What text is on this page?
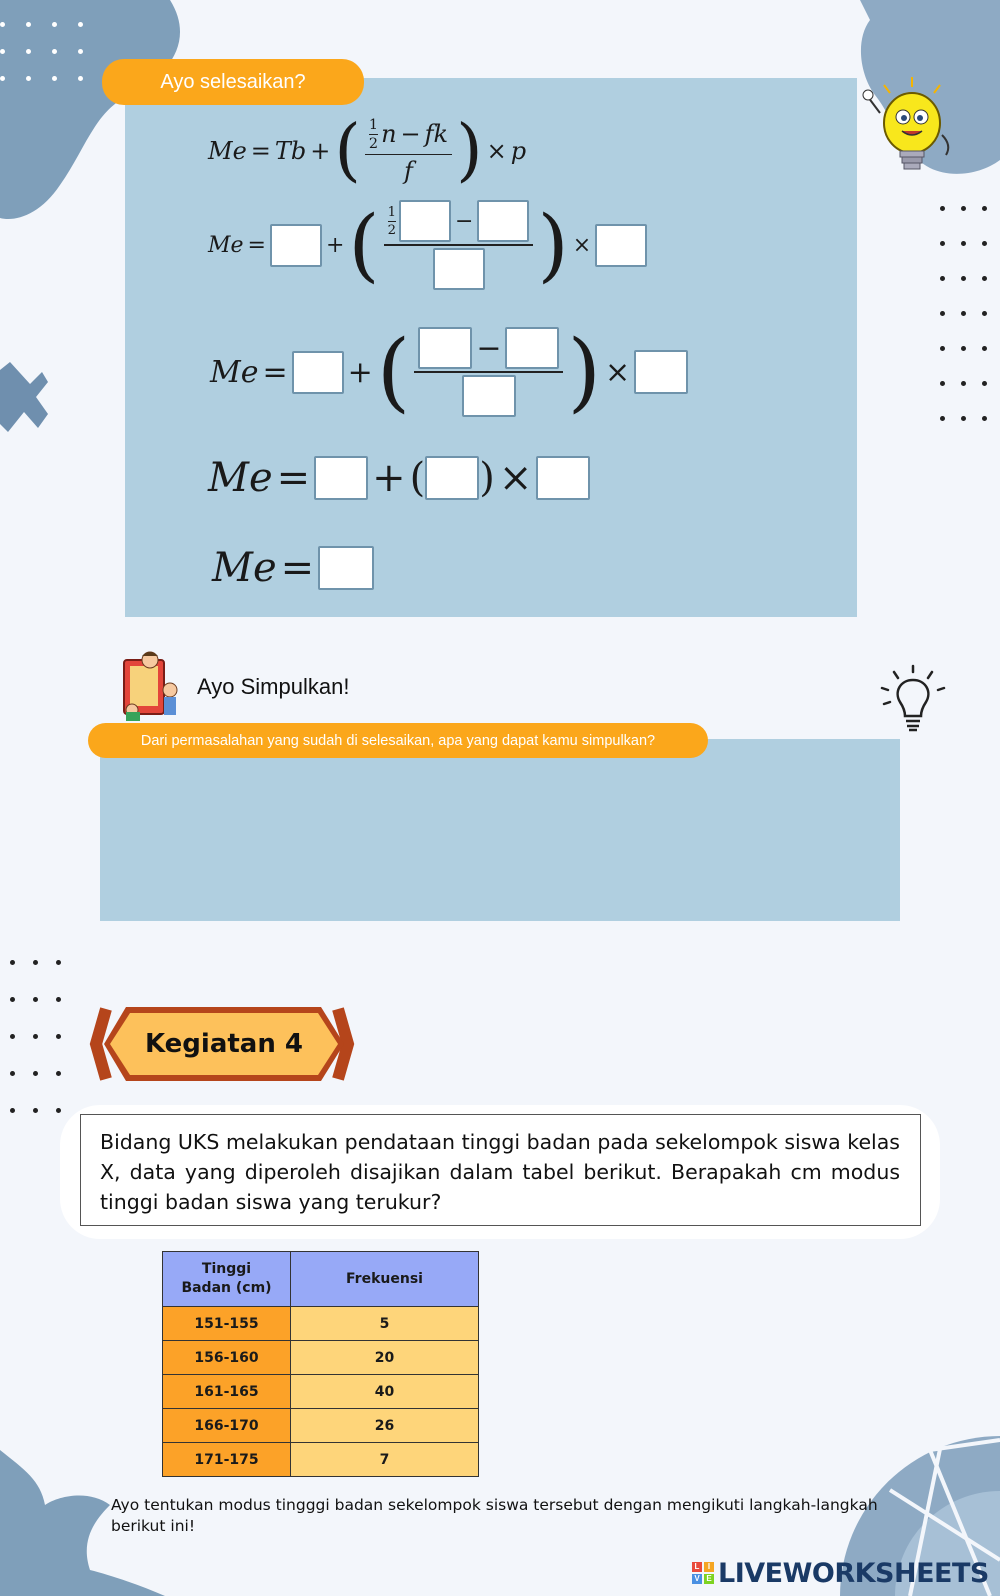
Ayo selesaikan?
Me = Tb + ( $\frac{\frac{1}{2} n - fk}{f}$ ) × p
Me =	+ ( $\frac{1}{2}$	− ) ×
Me = + ( − ) ×
Me = + ( ) ×
Me =
Ayo Simpulkan!
Dari permasalahan yang sudah di selesaikan, apa yang dapat kamu simpulkan?
Kegiatan 4

Bidang UKS melakukan pendataan tinggi badan pada sekelompok siswa kelas X, data yang diperoleh disajikan dalam tabel berikut. Berapakah cm modus tinggi badan siswa yang terukur?

Tinggi Badan (cm)	Frekuensi
151-155	5
156-160	20
161-165	40
166-170	26
171-175	7

Ayo tentukan modus tingggi badan sekelompok siswa tersebut dengan mengikuti langkah-langkah berikut ini!

L	I
V E LIVE WORKSHEETS
